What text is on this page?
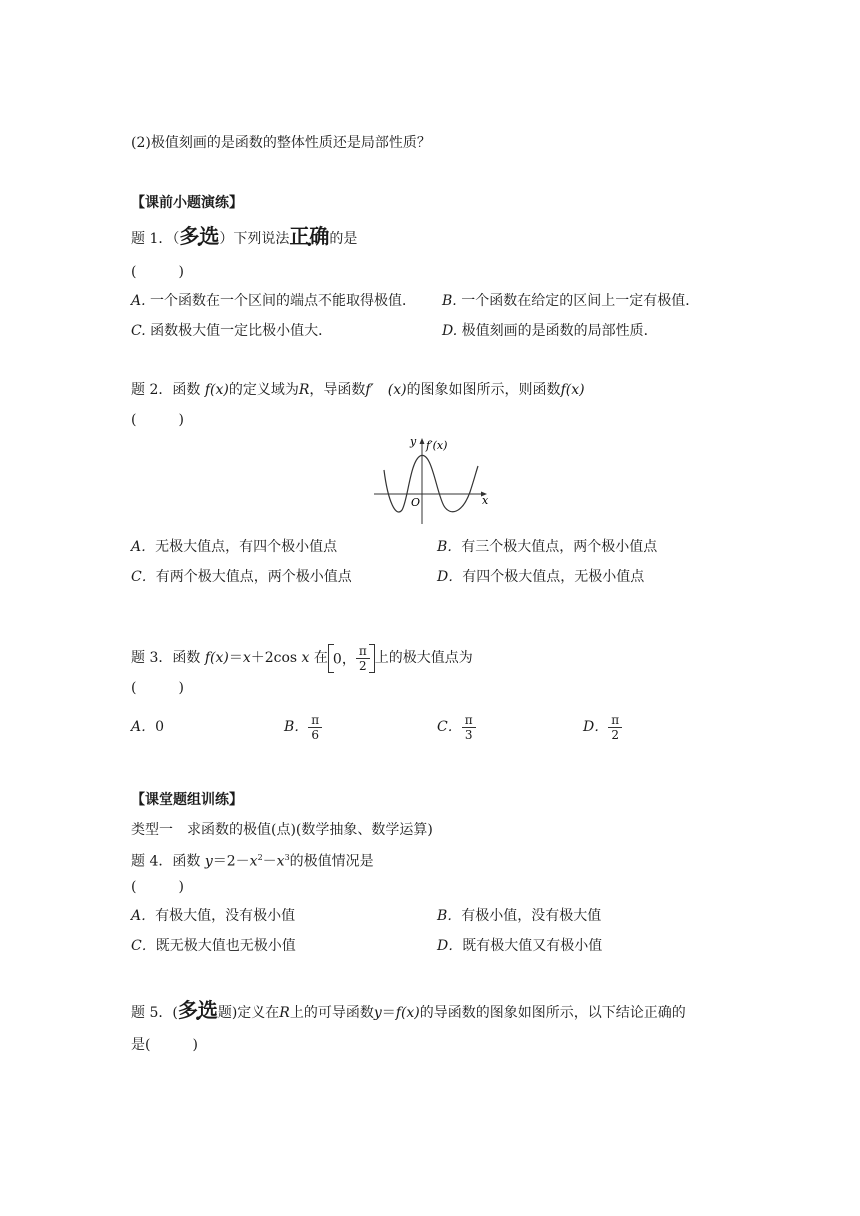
(2)极值刻画的是函数的整体性质还是局部性质？
【课前小题演练】
题 1．（多选）下列说法正确的是
(　　　)
A. 一个函数在一个区间的端点不能取得极值． B. 一个函数在给定的区间上一定有极值．
C. 函数极大值一定比极小值大．	D. 极值刻画的是函数的局部性质．
题 2．函数 f(x)的定义域为R，导函数f′　(x)的图象如图所示，则函数f(x)
(　　　)
y f′(x)
O	x
A．无极大值点，有四个极小值点	B．有三个极大值点，两个极小值点
C．有两个极大值点，两个极小值点	D．有四个极大值点，无极小值点
题 3．函数 f(x)＝x＋2cos x 在 0， $\frac{\pi}{2}$ 上的极大值点为
(　　　)
A．0	B． $\frac{\pi}{6}$	C． $\frac{\pi}{3}$	D． $\frac{\pi}{2}$
【课堂题组训练】
类型一　求函数的极值(点)(数学抽象、数学运算)
题 4．函数 $y=2-x^2-x^3$的极值情况是
(　　　)
A．有极大值，没有极小值	B．有极小值，没有极大值
C．既无极大值也无极小值	D．既有极大值又有极小值
题 5．(多选题)定义在R上的可导函数y＝f(x)的导函数的图象如图所示，以下结论正确的
是(　　　)
